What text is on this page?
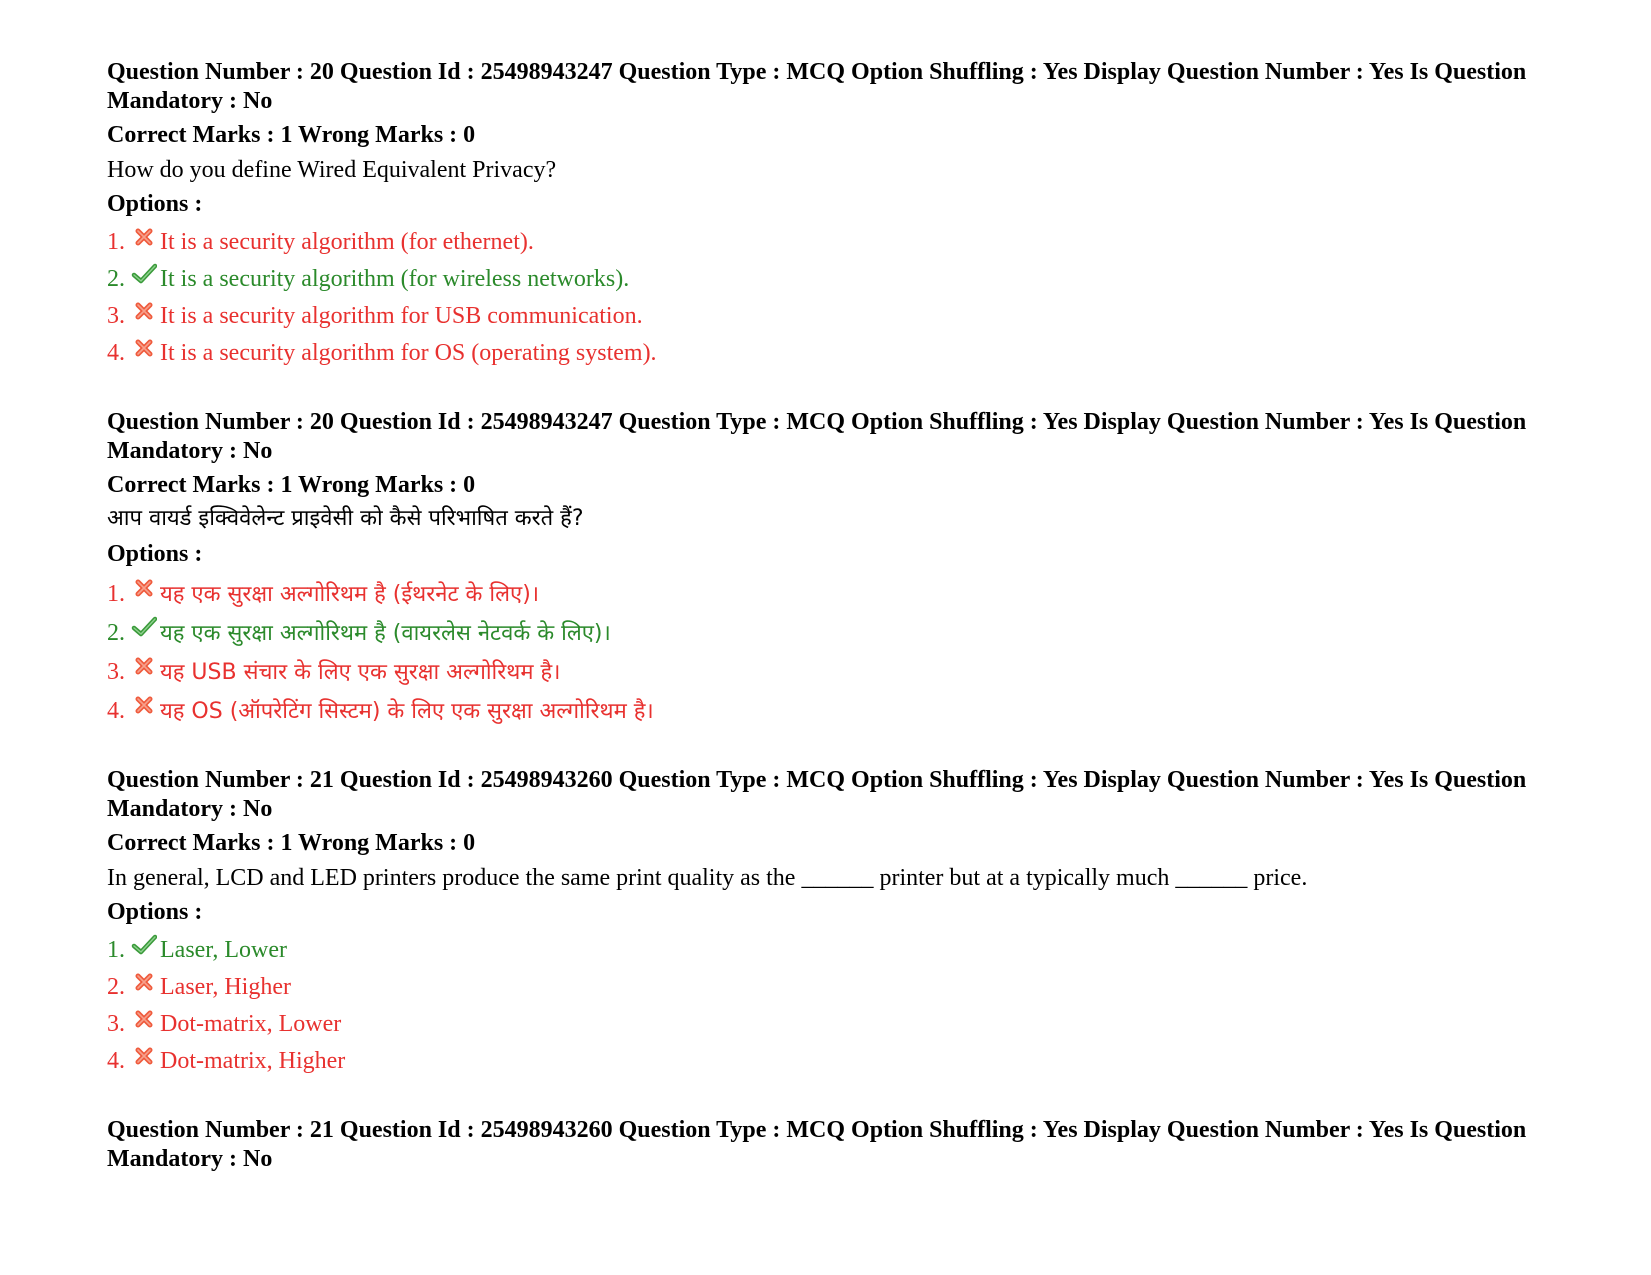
Question Number : 20 Question Id : 25498943247 Question Type : MCQ Option Shuffling : Yes Display Question Number : Yes Is Question Mandatory : No
Correct Marks : 1 Wrong Marks : 0
How do you define Wired Equivalent Privacy?
Options :
1. It is a security algorithm (for ethernet).
2. It is a security algorithm (for wireless networks).
3. It is a security algorithm for USB communication.
4. It is a security algorithm for OS (operating system).
Question Number : 20 Question Id : 25498943247 Question Type : MCQ Option Shuffling : Yes Display Question Number : Yes Is Question Mandatory : No
Correct Marks : 1 Wrong Marks : 0
आप वायर्ड इक्विवेलेन्ट प्राइवेसी को कैसे परिभाषित करते हैं?
Options :
1. यह एक सुरक्षा अल्गोरिथम है (ईथरनेट के लिए)।
2. यह एक सुरक्षा अल्गोरिथम है (वायरलेस नेटवर्क के लिए)।
3. यह USB संचार के लिए एक सुरक्षा अल्गोरिथम है।
4. यह OS (ऑपरेटिंग सिस्टम) के लिए एक सुरक्षा अल्गोरिथम है।
Question Number : 21 Question Id : 25498943260 Question Type : MCQ Option Shuffling : Yes Display Question Number : Yes Is Question Mandatory : No
Correct Marks : 1 Wrong Marks : 0
In general, LCD and LED printers produce the same print quality as the ______ printer but at a typically much ______ price.
Options :
1. Laser, Lower
2. Laser, Higher
3. Dot-matrix, Lower
4. Dot-matrix, Higher
Question Number : 21 Question Id : 25498943260 Question Type : MCQ Option Shuffling : Yes Display Question Number : Yes Is Question Mandatory : No
